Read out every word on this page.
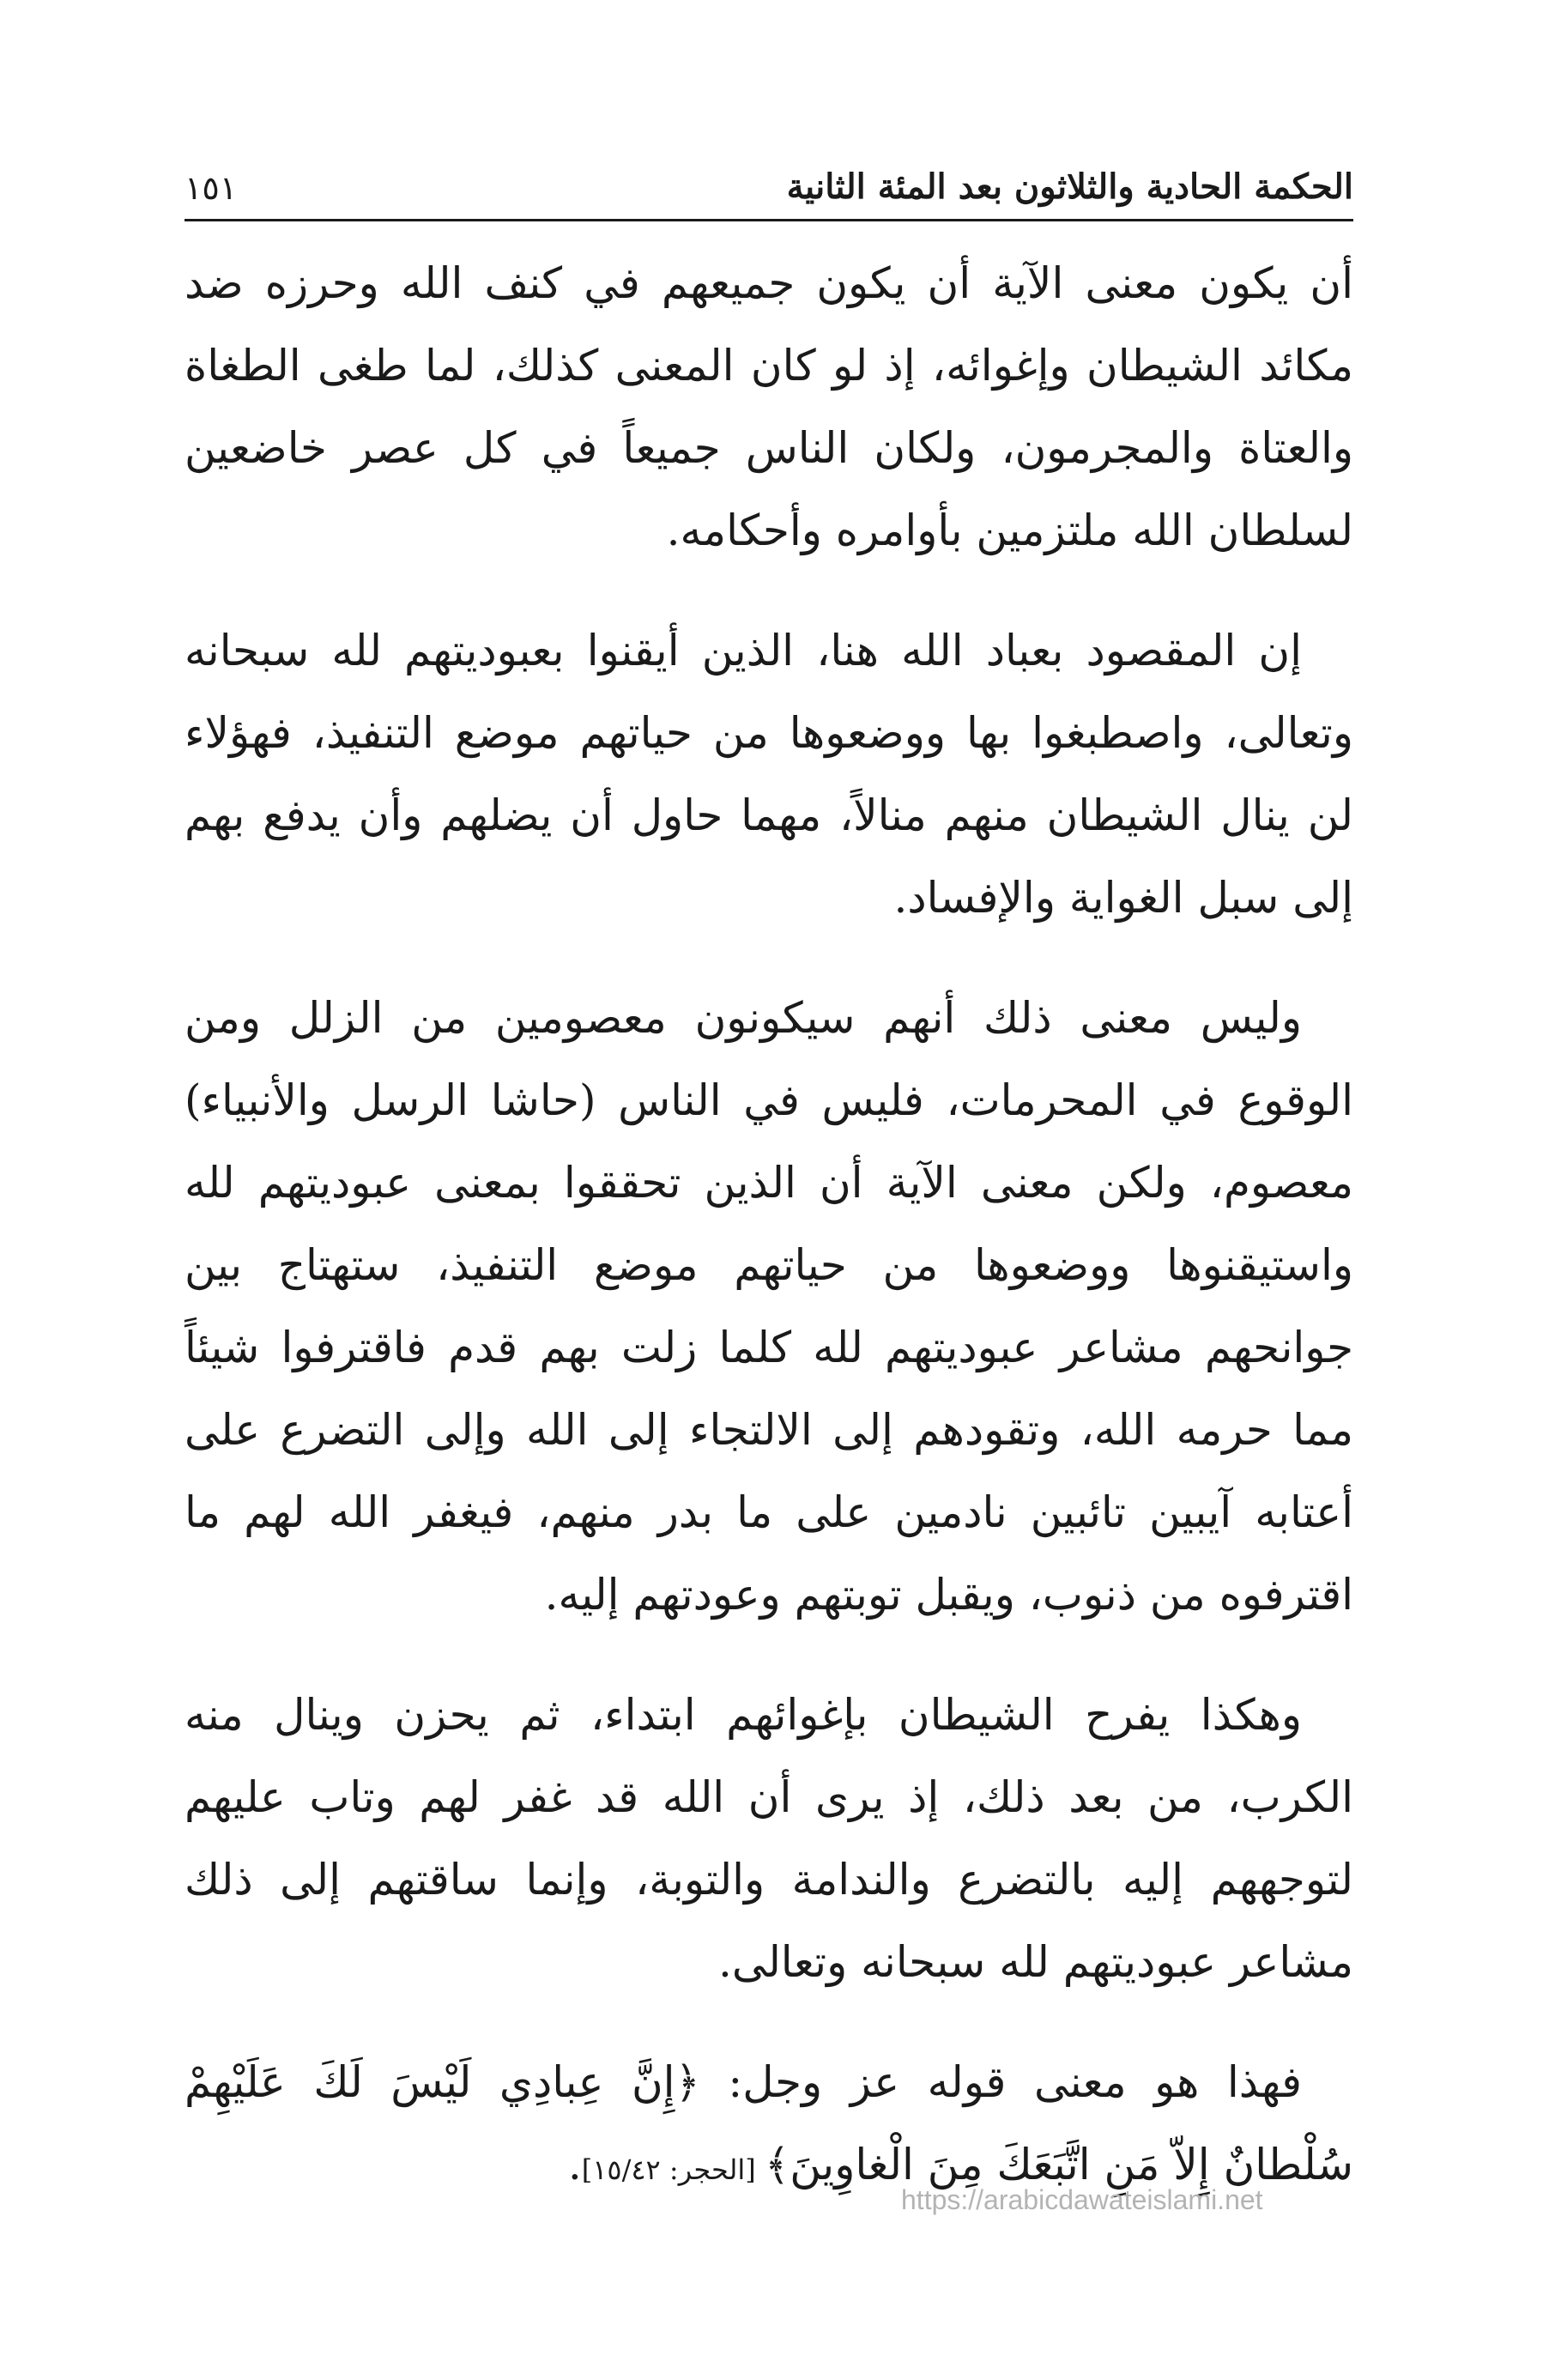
الحكمة الحادية والثلاثون بعد المئة الثانية
١٥١

أن يكون معنى الآية أن يكون جميعهم في كنف الله وحرزه ضد مكائد الشيطان وإغوائه، إذ لو كان المعنى كذلك، لما طغى الطغاة والعتاة والمجرمون، ولكان الناس جميعاً في كل عصر خاضعين لسلطان الله ملتزمين بأوامره وأحكامه.

إن المقصود بعباد الله هنا، الذين أيقنوا بعبوديتهم لله سبحانه وتعالى، واصطبغوا بها ووضعوها من حياتهم موضع التنفيذ، فهؤلاء لن ينال الشيطان منهم منالاً، مهما حاول أن يضلهم وأن يدفع بهم إلى سبل الغواية والإفساد.

وليس معنى ذلك أنهم سيكونون معصومين من الزلل ومن الوقوع في المحرمات، فليس في الناس (حاشا الرسل والأنبياء) معصوم، ولكن معنى الآية أن الذين تحققوا بمعنى عبوديتهم لله واستيقنوها ووضعوها من حياتهم موضع التنفيذ، ستهتاج بين جوانحهم مشاعر عبوديتهم لله كلما زلت بهم قدم فاقترفوا شيئاً مما حرمه الله، وتقودهم إلى الالتجاء إلى الله وإلى التضرع على أعتابه آيبين تائبين نادمين على ما بدر منهم، فيغفر الله لهم ما اقترفوه من ذنوب، ويقبل توبتهم وعودتهم إليه.

وهكذا يفرح الشيطان بإغوائهم ابتداء، ثم يحزن وينال منه الكرب، من بعد ذلك، إذ يرى أن الله قد غفر لهم وتاب عليهم لتوجههم إليه بالتضرع والندامة والتوبة، وإنما ساقتهم إلى ذلك مشاعر عبوديتهم لله سبحانه وتعالى.

فهذا هو معنى قوله عز وجل: ﴿إِنَّ عِبادِي لَيْسَ لَكَ عَلَيْهِمْ سُلْطانٌ إِلاّ مَنِ اتَّبَعَكَ مِنَ الْغاوِينَ﴾ [الحجر: ١٥/٤٢].

https://arabicdawateislami.net
